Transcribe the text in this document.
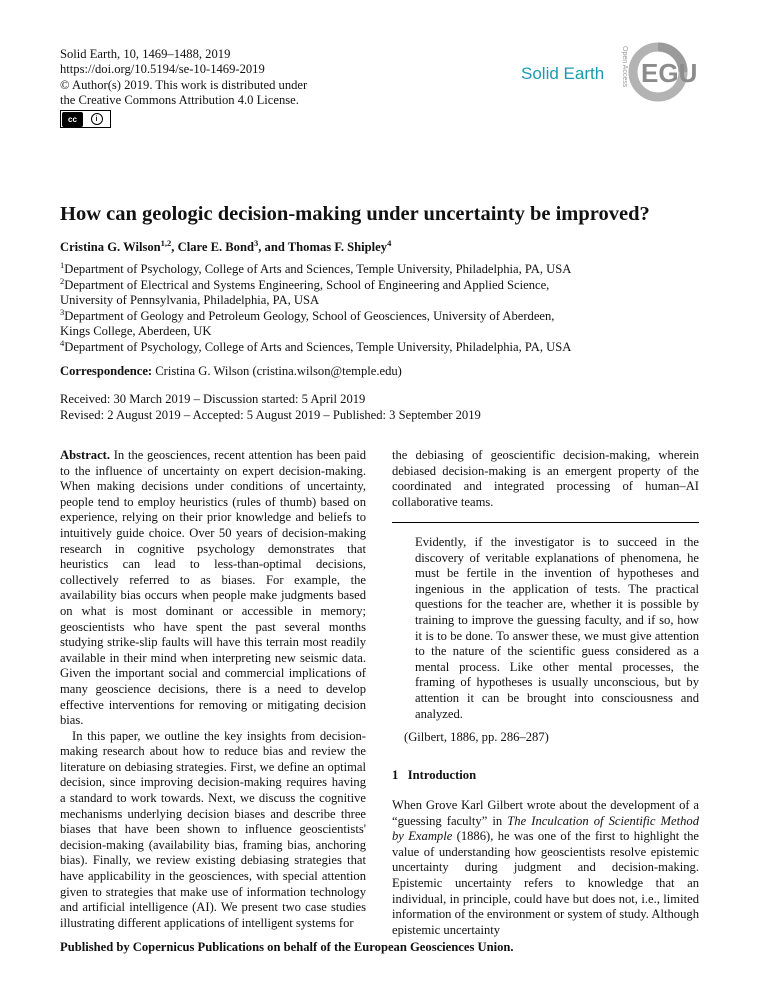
Solid Earth, 10, 1469–1488, 2019
https://doi.org/10.5194/se-10-1469-2019
© Author(s) 2019. This work is distributed under
the Creative Commons Attribution 4.0 License.
cc	i
Solid Earth Open Access EGU
How can geologic decision-making under uncertainty be improved?
Cristina G. Wilson$^{1,2}$, Clare E. Bond$^3$, and Thomas F. Shipley$^4$
$^1$Department of Psychology, College of Arts and Sciences, Temple University, Philadelphia, PA, USA
$^2$Department of Electrical and Systems Engineering, School of Engineering and Applied Science,
University of Pennsylvania, Philadelphia, PA, USA
$^3$Department of Geology and Petroleum Geology, School of Geosciences, University of Aberdeen,
Kings College, Aberdeen, UK
$^4$Department of Psychology, College of Arts and Sciences, Temple University, Philadelphia, PA, USA
Correspondence: Cristina G. Wilson (cristina.wilson@temple.edu)
Received: 30 March 2019 – Discussion started: 5 April 2019
Revised: 2 August 2019 – Accepted: 5 August 2019 – Published: 3 September 2019

Abstract. In the geosciences, recent attention has been paid to the influence of uncertainty on expert decision-making. When making decisions under conditions of uncertainty, people tend to employ heuristics (rules of thumb) based on experience, relying on their prior knowledge and beliefs to intuitively guide choice. Over 50 years of decision-making research in cognitive psychology demonstrates that heuristics can lead to less-than-optimal decisions, collectively referred to as biases. For example, the availability bias occurs when people make judgments based on what is most dominant or accessible in memory; geoscientists who have spent the past several months studying strike-slip faults will have this terrain most readily available in their mind when interpreting new seismic data. Given the important social and commercial implications of many geoscience decisions, there is a need to develop effective interventions for removing or mitigating decision bias.

In this paper, we outline the key insights from decision-making research about how to reduce bias and review the literature on debiasing strategies. First, we define an optimal decision, since improving decision-making requires having a standard to work towards. Next, we discuss the cognitive mechanisms underlying decision biases and describe three biases that have been shown to influence geoscientists' decision-making (availability bias, framing bias, anchoring bias). Finally, we review existing debiasing strategies that have applicability in the geosciences, with special attention given to strategies that make use of information technology and artificial intelligence (AI). We present two case studies illustrating different applications of intelligent systems for

the debiasing of geoscientific decision-making, wherein debiased decision-making is an emergent property of the coordinated and integrated processing of human–AI collaborative teams.

Evidently, if the investigator is to succeed in the discovery of veritable explanations of phenomena, he must be fertile in the invention of hypotheses and ingenious in the application of tests. The practical questions for the teacher are, whether it is possible by training to improve the guessing faculty, and if so, how it is to be done. To answer these, we must give attention to the nature of the scientific guess considered as a mental process. Like other mental processes, the framing of hypotheses is usually unconscious, but by attention it can be brought into consciousness and analyzed.
(Gilbert, 1886, pp. 286–287)
1   Introduction

When Grove Karl Gilbert wrote about the development of a “guessing faculty” in The Inculcation of Scientific Method by Example (1886), he was one of the first to highlight the value of understanding how geoscientists resolve epistemic uncertainty during judgment and decision-making. Epistemic uncertainty refers to knowledge that an individual, in principle, could have but does not, i.e., limited information of the environment or system of study. Although epistemic uncertainty

Published by Copernicus Publications on behalf of the European Geosciences Union.
